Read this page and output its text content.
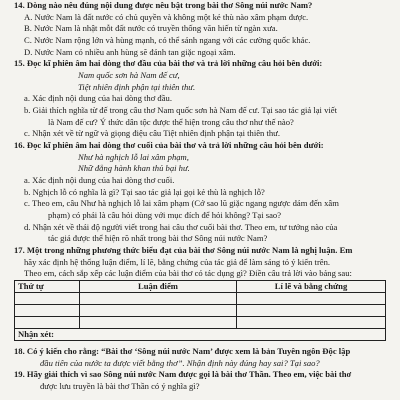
14. Dòng nào nêu đúng nội dung được nêu bật trong bài thơ Sông núi nước Nam?
A. Nước Nam là đất nước có chủ quyền và không một kẻ thù nào xâm phạm được.
B. Nước Nam là nhật mỗt đất nước có truyền thống văn hiến từ ngàn xưa.
C. Nước Nam rộng lớn và hùng mạnh, có thể sánh ngang với các cường quốc khác.
D. Nước Nam có nhiều anh hùng sẽ đánh tan giặc ngoại xâm.
15. Đọc kĩ phiên âm hai dòng thơ đầu của bài thơ và trả lời những câu hỏi bên dưới:
Nam quốc sơn hà Nam đế cư,
Tiệt nhiên định phận tại thiên thư.
a. Xác định nội dung của hai dòng thơ đầu.
b. Giải thích nghĩa từ đế trong câu thơ Nam quốc sơn hà Nam đế cư. Tại sao tác giả lại viết
là Nam đế cư? Ý thức dân tộc được thể hiện trong câu thơ như thế nào?
c. Nhận xét về từ ngữ và giọng điệu câu Tiệt nhiên định phận tại thiên thư.
16. Đọc kĩ phiên âm hai dòng thơ cuối của bài thơ và trả lời những câu hỏi bên dưới:
Như hà nghịch lỗ lai xâm phạm,
Nhữ đẳng hành khan thủ bại hư.
a. Xác định nội dung của hai dòng thơ cuối.
b. Nghịch lỗ có nghĩa là gì? Tại sao tác giả lại gọi kẻ thù là nghịch lỗ?
c. Theo em, câu Như hà nghịch lỗ lai xâm phạm (Cớ sao lũ giặc ngang ngược dám đến xâm
phạm) có phải là câu hỏi dùng với mục đích để hỏi không? Tại sao?
d. Nhận xét về thái độ người viết trong hai câu thơ cuối bài thơ. Theo em, tư tưởng nào của
tác giả được thể hiện rõ nhất trong bài thơ Sông núi nước Nam?
17. Một trong những phương thức biểu đạt của bài thơ Sông núi nước Nam là nghị luận. Em
hãy xác định hệ thống luận điểm, lí lẽ, bằng chứng của tác giả để làm sáng tỏ ý kiến trên.
Theo em, cách sắp xếp các luận điểm của bài thơ có tác dụng gì? Điền câu trả lời vào bảng sau:
Thứ tự	Luận điểm	Lí lẽ và bằng chứng

Nhận xét:		
18. Có ý kiến cho rằng: “Bài thơ ‘Sông núi nước Nam’ được xem là bản Tuyên ngôn Độc lập
đầu tiên của nước ta được viết bằng thơ”. Nhận định này đúng hay sai? Tại sao?
19. Hãy giải thích vì sao Sông núi nước Nam được gọi là bài thơ Thần. Theo em, việc bài thơ
được lưu truyền là bài thơ Thần có ý nghĩa gì?
